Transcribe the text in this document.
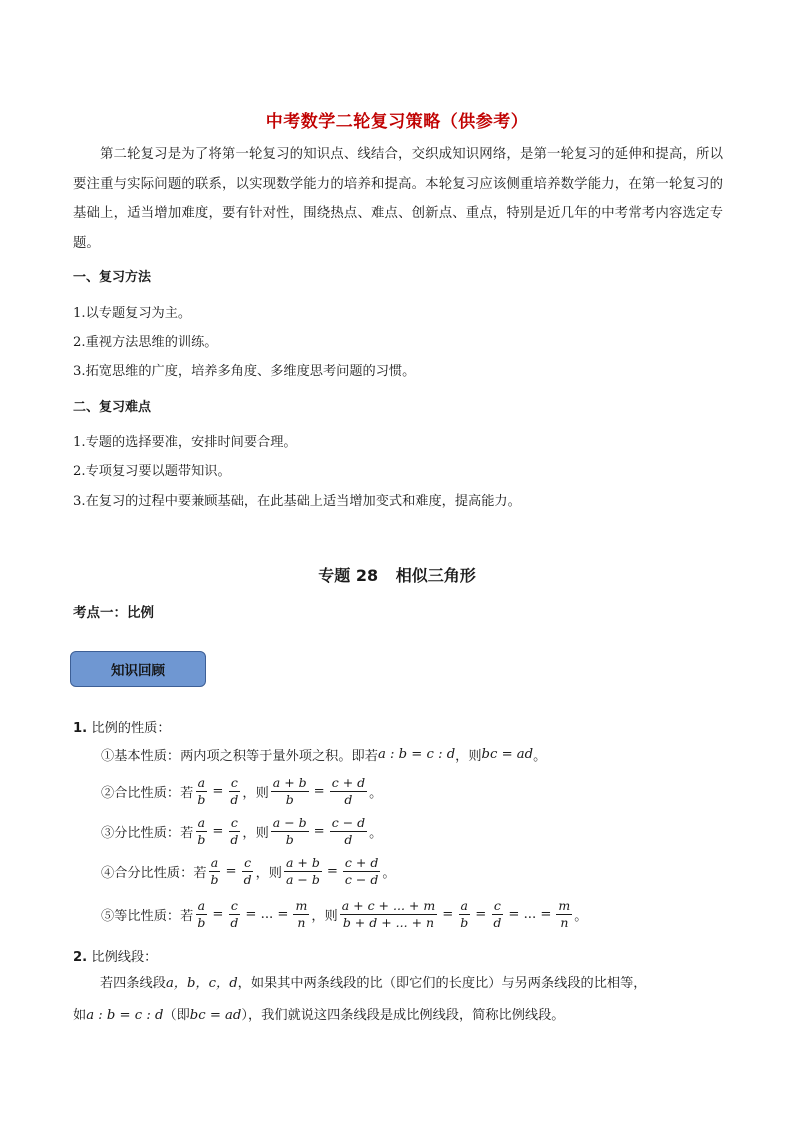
中考数学二轮复习策略（供参考）
第二轮复习是为了将第一轮复习的知识点、线结合，交织成知识网络，是第一轮复习的延伸和提高，所以要注重与实际问题的联系，以实现数学能力的培养和提高。本轮复习应该侧重培养数学能力，在第一轮复习的基础上，适当增加难度，要有针对性，围绕热点、难点、创新点、重点，特别是近几年的中考常考内容选定专题。
一、复习方法
1.以专题复习为主。
2.重视方法思维的训练。
3.拓宽思维的广度，培养多角度、多维度思考问题的习惯。
二、复习难点
1.专题的选择要准，安排时间要合理。
2.专项复习要以题带知识。
3.在复习的过程中要兼顾基础，在此基础上适当增加变式和难度，提高能力。
专题 28 相似三角形
考点一：比例
知识回顾
1. 比例的性质：
①基本性质：两内项之积等于量外项之积。即若 a : b = c : d ，则 bc = ad 。
②合比性质： 若 $\frac{a}{b} = \frac{c}{d}$ ，则 $\frac{a + b}{b} = \frac{c + d}{d}$ 。
③分比性质： 若 $\frac{a}{b} = \frac{c}{d}$ ，则 $\frac{a - b}{b} = \frac{c - d}{d}$ 。
④合分比性质： 若 $\frac{a}{b} = \frac{c}{d}$ ，则 $\frac{a + b}{a - b} = \frac{c + d}{c - d}$ 。
⑤等比性质： 若 $\frac{a}{b} = \frac{c}{d}$ = ... = $\frac{m}{n}$ ，则 $\frac{a + c + ... + m}{b + d + ... + n} = \frac{a}{b} = \frac{c}{d}$ = ... = $\frac{m}{n}$ 。
2. 比例线段：
若四条线段a，b，c，d，如果其中两条线段的比（即它们的长度比）与另两条线段的比相等，
如a : b = c : d（即bc = ad），我们就说这四条线段是成比例线段，简称比例线段。
